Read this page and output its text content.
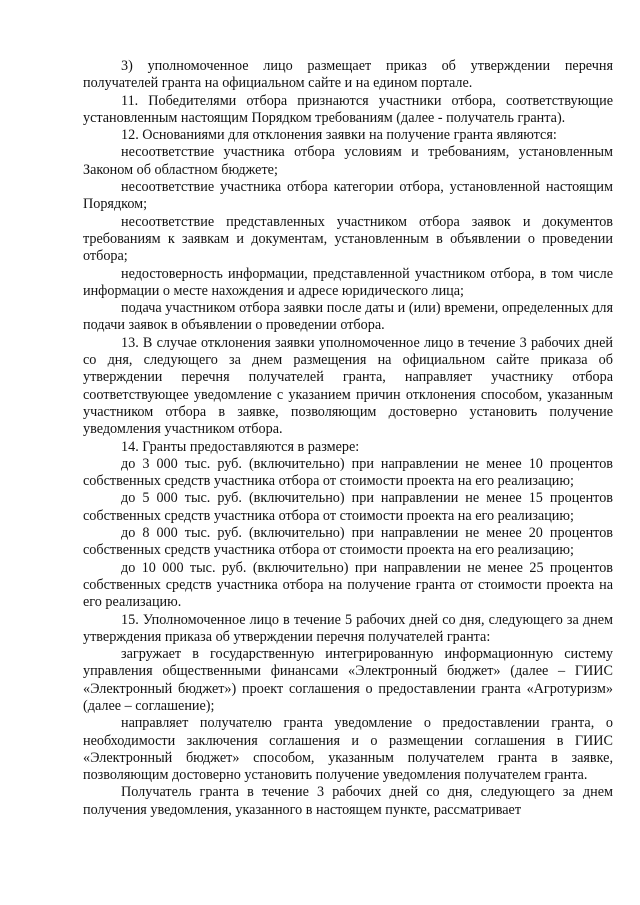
3) уполномоченное лицо размещает приказ об утверждении перечня получателей гранта на официальном сайте и на едином портале.

11. Победителями отбора признаются участники отбора, соответствующие установленным настоящим Порядком требованиям (далее - получатель гранта).

12. Основаниями для отклонения заявки на получение гранта являются:

несоответствие участника отбора условиям и требованиям, установленным Законом об областном бюджете;

несоответствие участника отбора категории отбора, установленной настоящим Порядком;

несоответствие представленных участником отбора заявок и документов требованиям к заявкам и документам, установленным в объявлении о проведении отбора;

недостоверность информации, представленной участником отбора, в том числе информации о месте нахождения и адресе юридического лица;

подача участником отбора заявки после даты и (или) времени, определенных для подачи заявок в объявлении о проведении отбора.

13. В случае отклонения заявки уполномоченное лицо в течение 3 рабочих дней со дня, следующего за днем размещения на официальном сайте приказа об утверждении перечня получателей гранта, направляет участнику отбора соответствующее уведомление с указанием причин отклонения способом, указанным участником отбора в заявке, позволяющим достоверно установить получение уведомления участником отбора.

14. Гранты предоставляются в размере:

до 3 000 тыс. руб. (включительно) при направлении не менее 10 процентов собственных средств участника отбора от стоимости проекта на его реализацию;

до 5 000 тыс. руб. (включительно) при направлении не менее 15 процентов собственных средств участника отбора от стоимости проекта на его реализацию;

до 8 000 тыс. руб. (включительно) при направлении не менее 20 процентов собственных средств участника отбора от стоимости проекта на его реализацию;

до 10 000 тыс. руб. (включительно) при направлении не менее 25 процентов собственных средств участника отбора на получение гранта от стоимости проекта на его реализацию.

15. Уполномоченное лицо в течение 5 рабочих дней со дня, следующего за днем утверждения приказа об утверждении перечня получателей гранта:

загружает в государственную интегрированную информационную систему управления общественными финансами «Электронный бюджет» (далее – ГИИС «Электронный бюджет») проект соглашения о предоставлении гранта «Агротуризм» (далее – соглашение);

направляет получателю гранта уведомление о предоставлении гранта, о необходимости заключения соглашения и о размещении соглашения в ГИИС «Электронный бюджет» способом, указанным получателем гранта в заявке, позволяющим достоверно установить получение уведомления получателем гранта.

Получатель гранта в течение 3 рабочих дней со дня, следующего за днем получения уведомления, указанного в настоящем пункте, рассматривает
